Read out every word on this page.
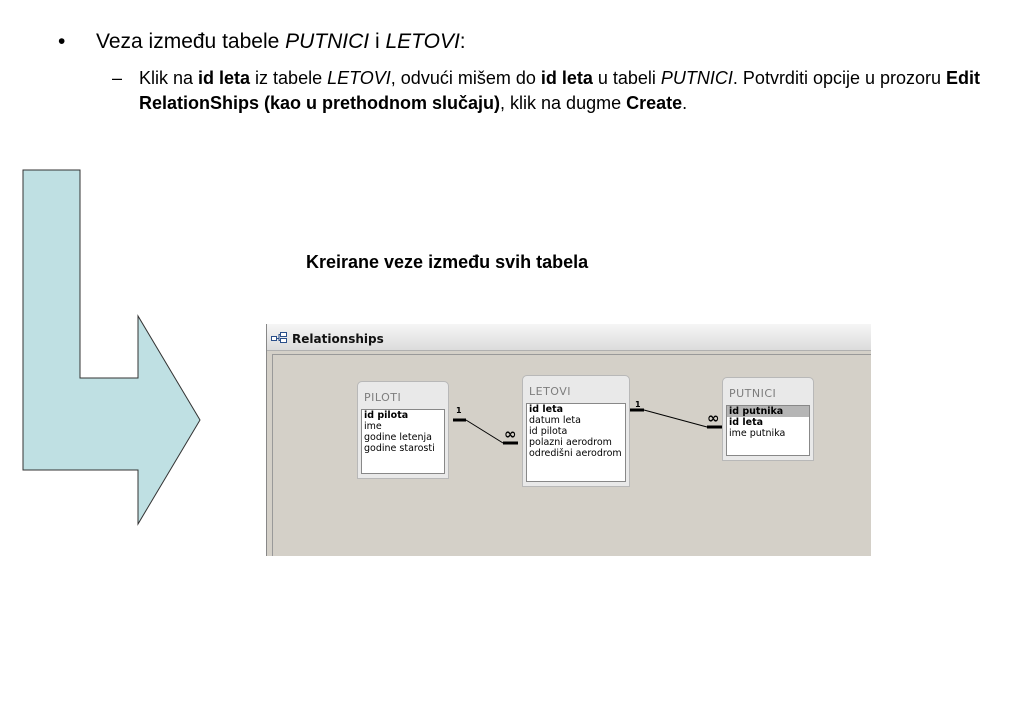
• Veza između tabele PUTNICI i LETOVI:
– Klik na id leta iz tabele LETOVI, odvući mišem do id leta u tabeli PUTNICI. Potvrditi opcije u prozoru Edit RelationShips (kao u prethodnom slučaju), klik na dugme Create.
Kreirane veze između svih tabela
Relationships
1
∞
1
∞
PILOTI
id pilota
ime
godine letenja
godine starosti
LETOVI
id leta
datum leta
id pilota
polazni aerodrom
odredišni aerodrom
PUTNICI
id putnika
id leta
ime putnika
